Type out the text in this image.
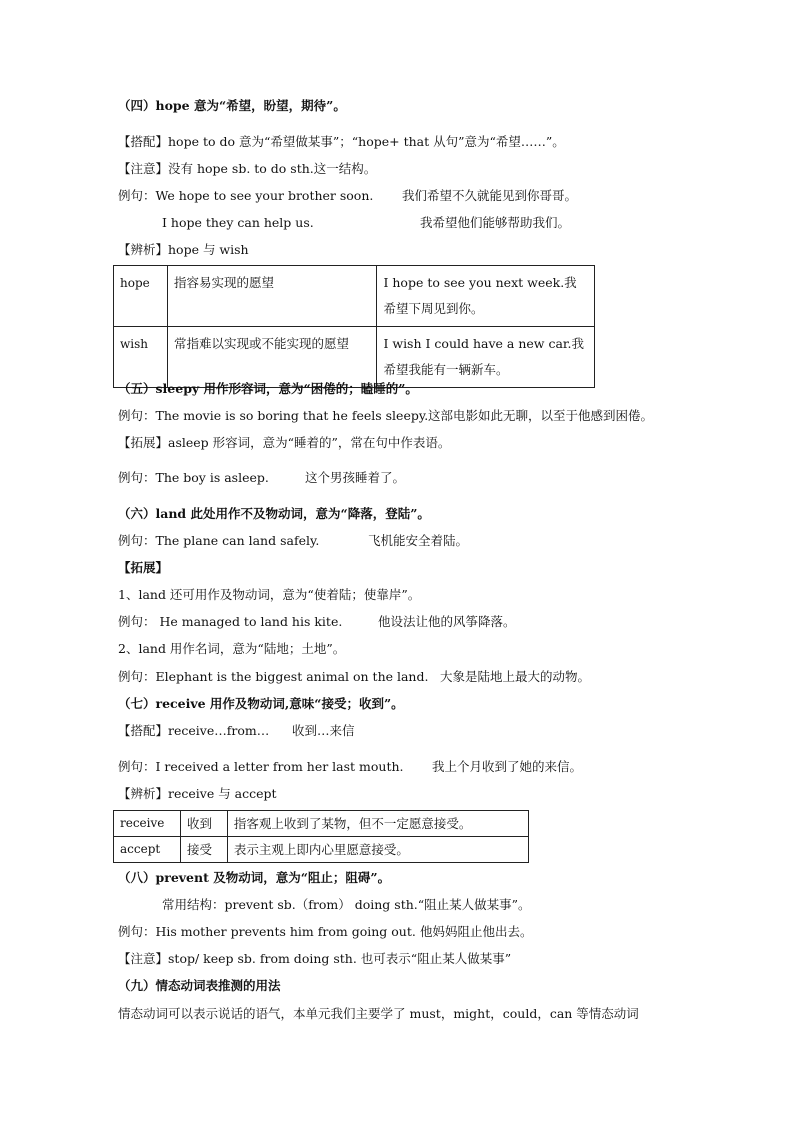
（四）hope 意为“希望，盼望，期待”。
【搭配】hope to do 意为“希望做某事”；“hope+ that 从句”意为“希望……”。
【注意】没有 hope sb. to do sth.这一结构。
例句：We hope to see your brother soon. 我们希望不久就能见到你哥哥。
I hope they can help us.	我希望他们能够帮助我们。
【辨析】hope 与 wish
hope	指容易实现的愿望	I hope to see you next week.我希望下周见到你。
wish	常指难以实现或不能实现的愿望	I wish I could have a new car.我希望我能有一辆新车。
（五）sleepy 用作形容词，意为“困倦的；瞌睡的”。
例句：The movie is so boring that he feels sleepy. 这部电影如此无聊，以至于他感到困倦。
【拓展】asleep 形容词，意为“睡着的”，常在句中作表语。
例句：The boy is asleep.	这个男孩睡着了。
（六）land 此处用作不及物动词，意为“降落，登陆”。
例句：The plane can land safely.	飞机能安全着陆。
【拓展】
1、land 还可用作及物动词，意为“使着陆；使靠岸”。
例句： He managed to land his kite.	他设法让他的风筝降落。
2、land 用作名词，意为“陆地；土地”。
例句：Elephant is the biggest animal on the land. 大象是陆地上最大的动物。
（七）receive 用作及物动词,意味“接受；收到”。
【搭配】receive…from… 收到…来信
例句：I received a letter from her last mouth. 我上个月收到了她的来信。
【辨析】receive 与 accept
receive	收到	指客观上收到了某物，但不一定愿意接受。
accept	接受	表示主观上即内心里愿意接受。
（八）prevent 及物动词，意为“阻止；阻碍”。
常用结构：prevent sb.（from） doing sth.“阻止某人做某事”。
例句：His mother prevents him from going out. 他妈妈阻止他出去。
【注意】stop/ keep sb. from doing sth. 也可表示“阻止某人做某事”
（九）情态动词表推测的用法
情态动词可以表示说话的语气，本单元我们主要学了 must，might，could，can 等情态动词
